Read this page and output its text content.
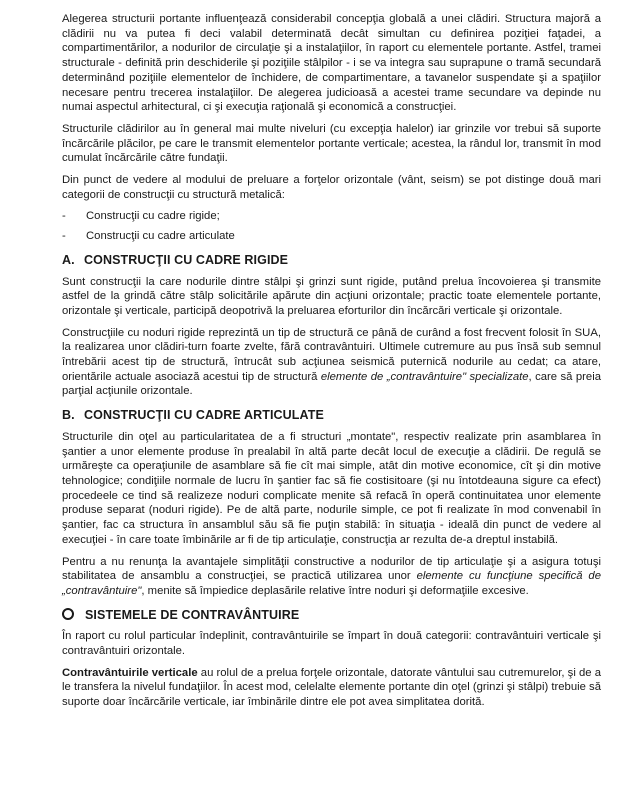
Alegerea structurii portante influenţează considerabil concepţia globală a unei clădiri. Structura majoră a clădirii nu va putea fi deci valabil determinată decât simultan cu definirea poziţiei faţadei, a compartimentărilor, a nodurilor de circulaţie şi a instalaţiilor, în raport cu elementele portante. Astfel, tramei structurale - definită prin deschiderile şi poziţiile stâlpilor - i se va integra sau suprapune o tramă secundară determinând poziţiile elementelor de închidere, de compartimentare, a tavanelor suspendate şi a spaţiilor necesare pentru trecerea instalaţiilor. De alegerea judicioasă a acestei trame secundare va depinde nu numai aspectul arhitectural, ci şi execuţia raţională şi economică a construcţiei.

Structurile clădirilor au în general mai multe niveluri (cu excepţia halelor) iar grinzile vor trebui să suporte încărcările plăcilor, pe care le transmit elementelor portante verticale; acestea, la rândul lor, transmit în mod cumulat încărcările către fundaţii.

Din punct de vedere al modului de preluare a forţelor orizontale (vânt, seism) se pot distinge două mari categorii de construcţii cu structură metalică:

- Construcţii cu cadre rigide;
- Construcţii cu cadre articulate
A. CONSTRUCŢII CU CADRE RIGIDE

Sunt construcţii la care nodurile dintre stâlpi şi grinzi sunt rigide, putând prelua încovoierea şi transmite astfel de la grindă către stâlp solicitările apărute din acţiuni orizontale; practic toate elementele portante, orizontale şi verticale, participă deopotrivă la preluarea eforturilor din încărcări verticale şi orizontale.

Construcţiile cu noduri rigide reprezintă un tip de structură ce până de curând a fost frecvent folosit în SUA, la realizarea unor clădiri-turn foarte zvelte, fără contravântuiri. Ultimele cutremure au pus însă sub semnul întrebării acest tip de structură, întrucât sub acţiunea seismică puternică nodurile au cedat; ca atare, orientările actuale asociază acestui tip de structură elemente de „contravântuire" specializate, care să preia parţial acţiunile orizontale.

B. CONSTRUCŢII CU CADRE ARTICULATE

Structurile din oţel au particularitatea de a fi structuri „montate", respectiv realizate prin asamblarea în şantier a unor elemente produse în prealabil în altă parte decât locul de execuţie a clădirii. De regulă se urmăreşte ca operaţiunile de asamblare să fie cît mai simple, atât din motive economice, cît şi din motive tehnologice; condiţiile normale de lucru în şantier fac să fie costisitoare (şi nu întotdeauna sigure ca efect) procedeele ce tind să realizeze noduri complicate menite să refacă în operă continuitatea unor elemente produse separat (noduri rigide). Pe de altă parte, nodurile simple, ce pot fi realizate în mod convenabil în şantier, fac ca structura în ansamblul său să fie puţin stabilă: în situaţia - ideală din punct de vedere al execuţiei - în care toate îmbinările ar fi de tip articulaţie, construcţia ar rezulta de-a dreptul instabilă.

Pentru a nu renunţa la avantajele simplităţii constructive a nodurilor de tip articulaţie şi a asigura totuşi stabilitatea de ansamblu a construcţiei, se practică utilizarea unor elemente cu funcţiune specifică de „contravântuire", menite să împiedice deplasările relative între noduri şi deformaţiile excesive.

SISTEMELE DE CONTRAVÂNTUIRE

În raport cu rolul particular îndeplinit, contravântuirile se împart în două categorii: contravântuiri verticale şi contravântuiri orizontale.

Contravântuirile verticale au rolul de a prelua forţele orizontale, datorate vântului sau cutremurelor, şi de a le transfera la nivelul fundaţiilor. În acest mod, celelalte elemente portante din oţel (grinzi şi stâlpi) trebuie să suporte doar încărcările verticale, iar îmbinările dintre ele pot avea simplitatea dorită.
